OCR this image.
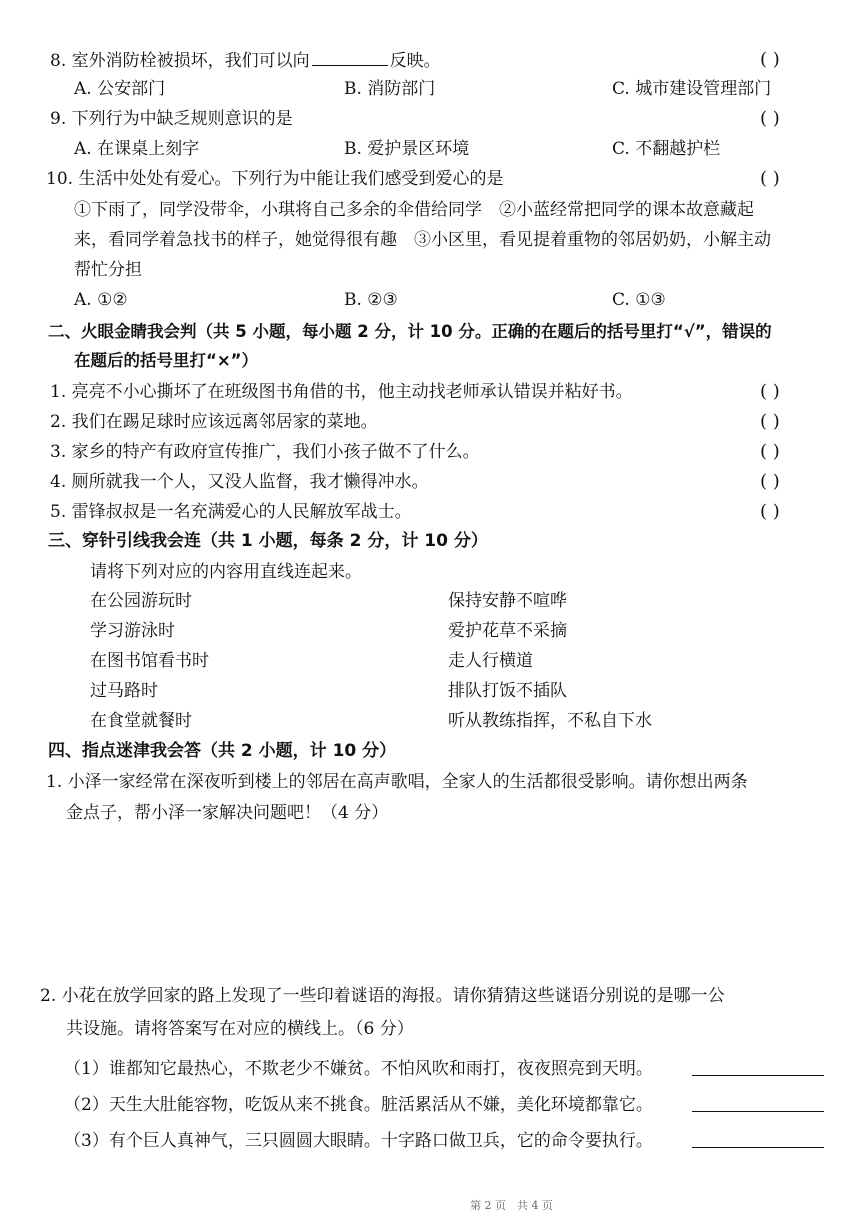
8. 室外消防栓被损坏，我们可以向	反映。	( )
A. 公安部门	B. 消防部门	C. 城市建设管理部门
9. 下列行为中缺乏规则意识的是	( )
A. 在课桌上刻字	B. 爱护景区环境	C. 不翻越护栏
10. 生活中处处有爱心。下列行为中能让我们感受到爱心的是	( )
①下雨了，同学没带伞，小琪将自己多余的伞借给同学　②小蓝经常把同学的课本故意藏起
来，看同学着急找书的样子，她觉得很有趣　③小区里，看见提着重物的邻居奶奶，小解主动
帮忙分担
A. ①②	B. ②③	C. ①③
二、火眼金睛我会判（共 5 小题，每小题 2 分，计 10 分。正确的在题后的括号里打“√”，错误的
在题后的括号里打“×”）
1. 亮亮不小心撕坏了在班级图书角借的书，他主动找老师承认错误并粘好书。	( )
2. 我们在踢足球时应该远离邻居家的菜地。	( )
3. 家乡的特产有政府宣传推广，我们小孩子做不了什么。	( )
4. 厕所就我一个人，又没人监督，我才懒得冲水。	( )
5. 雷锋叔叔是一名充满爱心的人民解放军战士。	( )
三、穿针引线我会连（共 1 小题，每条 2 分，计 10 分）
请将下列对应的内容用直线连起来。
在公园游玩时	保持安静不喧哗
学习游泳时	爱护花草不采摘
在图书馆看书时	走人行横道
过马路时	排队打饭不插队
在食堂就餐时	听从教练指挥，不私自下水
四、指点迷津我会答（共 2 小题，计 10 分）
1. 小泽一家经常在深夜听到楼上的邻居在高声歌唱，全家人的生活都很受影响。请你想出两条
金点子，帮小泽一家解决问题吧！（4 分）
2. 小花在放学回家的路上发现了一些印着谜语的海报。请你猜猜这些谜语分别说的是哪一公
共设施。请将答案写在对应的横线上。（6 分）
（1）谁都知它最热心，不欺老少不嫌贫。不怕风吹和雨打，夜夜照亮到天明。
（2）天生大肚能容物，吃饭从来不挑食。脏活累活从不嫌，美化环境都靠它。
（3）有个巨人真神气，三只圆圆大眼睛。十字路口做卫兵，它的命令要执行。
第 2 页　共 4 页
